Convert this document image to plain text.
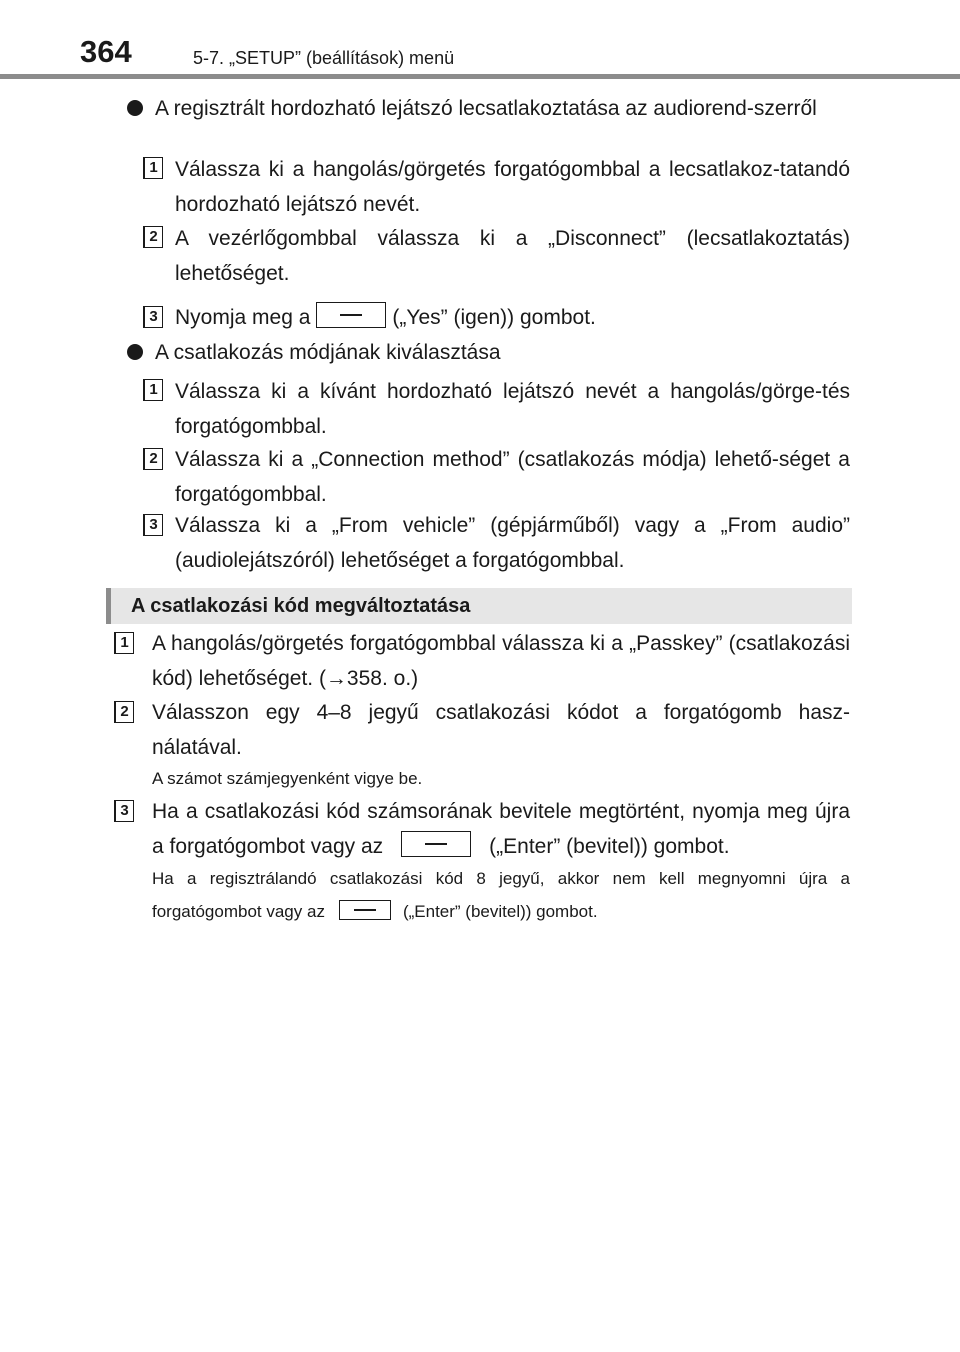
364	5-7. „SETUP” (beállítások) menü
A regisztrált hordozható lejátszó lecsatlakoztatása az audiorend-szerről
1 Válassza ki a hangolás/görgetés forgatógombbal a lecsatlakoz-tatandó hordozható lejátszó nevét.
2 A vezérlőgombbal válassza ki a „Disconnect” (lecsatlakoztatás) lehetőséget.
3 Nyomja meg a	(„Yes” (igen)) gombot.
A csatlakozás módjának kiválasztása
1 Válassza ki a kívánt hordozható lejátszó nevét a hangolás/görge-tés forgatógombbal.
2 Válassza ki a „Connection method” (csatlakozás módja) lehető-séget a forgatógombbal.
3 Válassza ki a „From vehicle” (gépjárműből) vagy a „From audio” (audiolejátszóról) lehetőséget a forgatógombbal.
A csatlakozási kód megváltoztatása
1 A hangolás/görgetés forgatógombbal válassza ki a „Passkey” (csatlakozási kód) lehetőséget. (→358. o.)
2 Válasszon egy 4–8 jegyű csatlakozási kódot a forgatógomb hasz-nálatával.
A számot számjegyenként vigye be.
3 Ha a csatlakozási kód számsorának bevitele megtörtént, nyomja meg újra a forgatógombot vagy az	(„Enter” (bevitel)) gombot.
Ha a regisztrálandó csatlakozási kód 8 jegyű, akkor nem kell megnyomni újra a forgatógombot vagy az	(„Enter” (bevitel)) gombot.
